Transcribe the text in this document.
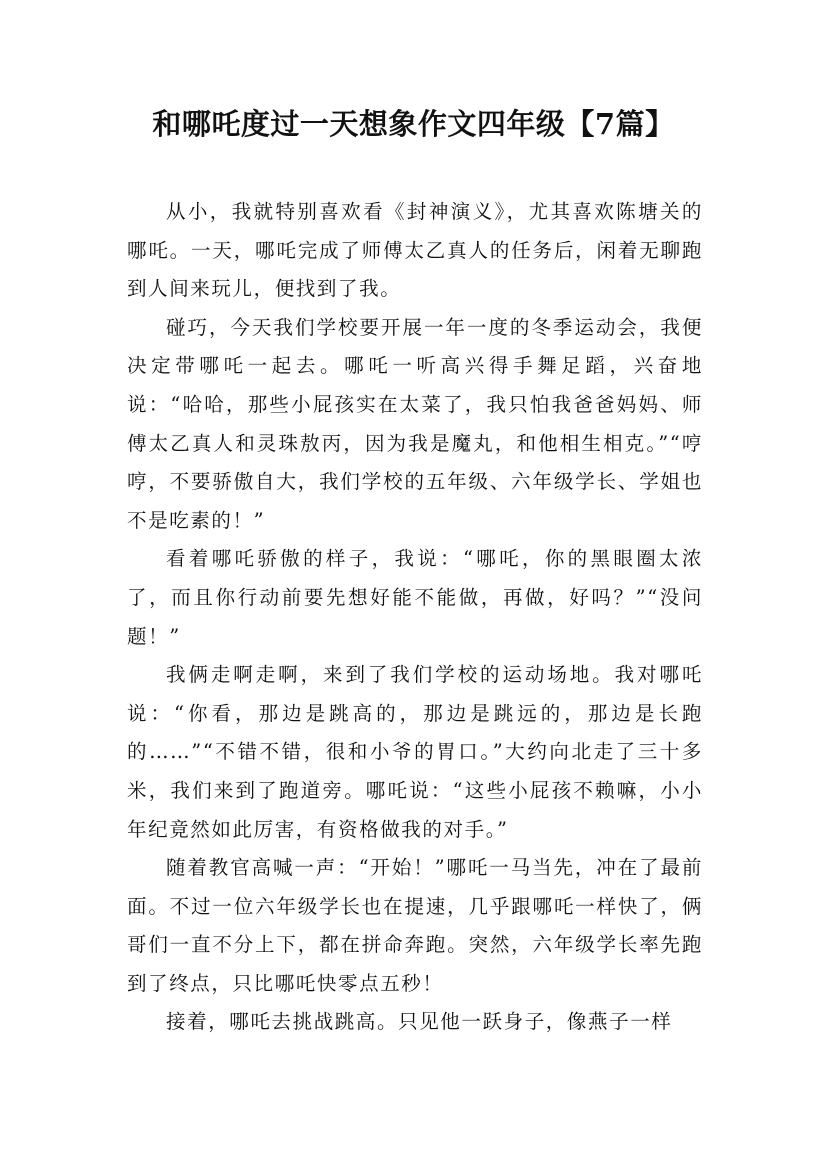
和哪吒度过一天想象作文四年级【7篇】

从小，我就特别喜欢看《封神演义》，尤其喜欢陈塘关的哪吒。一天，哪吒完成了师傅太乙真人的任务后，闲着无聊跑到人间来玩儿，便找到了我。

碰巧，今天我们学校要开展一年一度的冬季运动会，我便决定带哪吒一起去。哪吒一听高兴得手舞足蹈，兴奋地说：“哈哈，那些小屁孩实在太菜了，我只怕我爸爸妈妈、师傅太乙真人和灵珠敖丙，因为我是魔丸，和他相生相克。”“哼哼，不要骄傲自大，我们学校的五年级、六年级学长、学姐也不是吃素的！”

看着哪吒骄傲的样子，我说：“哪吒，你的黑眼圈太浓了，而且你行动前要先想好能不能做，再做，好吗？”“没问题！”

我俩走啊走啊，来到了我们学校的运动场地。我对哪吒说：“你看，那边是跳高的，那边是跳远的，那边是长跑的……”“不错不错，很和小爷的胃口。”大约向北走了三十多米，我们来到了跑道旁。哪吒说：“这些小屁孩不赖嘛，小小年纪竟然如此厉害，有资格做我的对手。”

随着教官高喊一声：“开始！”哪吒一马当先，冲在了最前面。不过一位六年级学长也在提速，几乎跟哪吒一样快了，俩哥们一直不分上下，都在拼命奔跑。突然，六年级学长率先跑到了终点，只比哪吒快零点五秒！

接着，哪吒去挑战跳高。只见他一跃身子，像燕子一样
